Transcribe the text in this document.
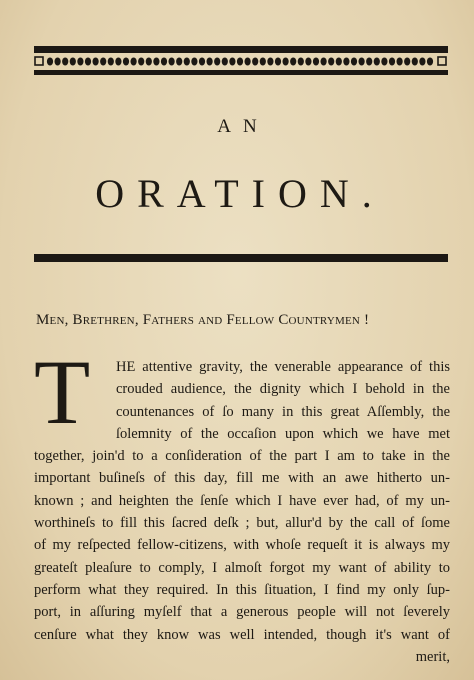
AN
ORATION.
Men, Brethren, Fathers and Fellow Countrymen !
T	HE attentive gravity, the venerable appearance of this
crouded audience, the dignity which I behold in the
countenances of ſo many in this great Aſſembly, the
ſolemnity of the occaſion upon which we have met
together, join'd to a conſideration of the part I am to take in the
important buſineſs of this day, fill me with an awe hitherto un-
known ; and heighten the ſenſe which I have ever had, of my un-
worthineſs to fill this ſacred deſk ; but, allur'd by the call of ſome
of my reſpected fellow-citizens, with whoſe requeſt it is always my
greateſt pleaſure to comply, I almoſt forgot my want of ability to
perform what they required. In this ſituation, I find my only ſup-
port, in aſſuring myſelf that a generous people will not ſeverely
cenſure what they know was well intended, though it's want of
merit,
